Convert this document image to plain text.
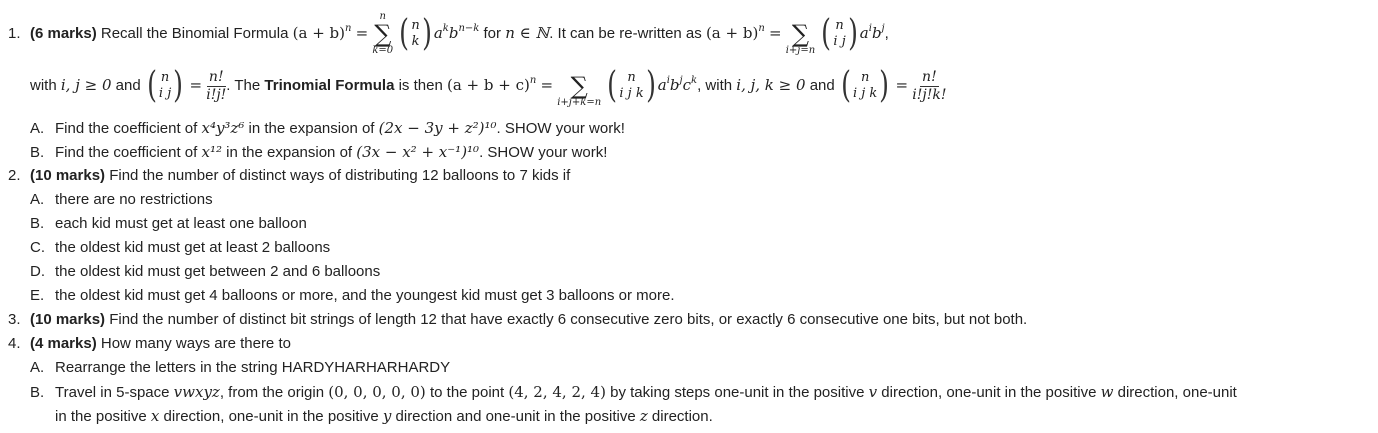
1. (6 marks) Recall the Binomial Formula $(a + b)^n$ =
n
∑
k=0
( n
k ) $a^kb^{n-k}$ for n ∈ ℕ. It can be re-written as $(a + b)^n$ =
∑
i+j=n
( n
i j ) $a^ib^j$,
with i, j ≥ 0 and ( n
i j ) = $\frac{n!}{i!j!}$ . The Trinomial Formula is then $(a + b + c)^n$ =
∑
i+j+k=n
( n
i j k ) $a^ib^jc^k$, with i, j, k ≥ 0 and ( n
i j k ) = $\frac{n!}{i!j!k!}$
A. Find the coefficient of x⁴y³z⁶ in the expansion of (2x − 3y + z²)¹⁰. SHOW your work!
B. Find the coefficient of x¹² in the expansion of (3x − x² + x⁻¹)¹⁰. SHOW your work!
2. (10 marks) Find the number of distinct ways of distributing 12 balloons to 7 kids if
A. there are no restrictions
B. each kid must get at least one balloon
C. the oldest kid must get at least 2 balloons
D. the oldest kid must get between 2 and 6 balloons
E. the oldest kid must get 4 balloons or more, and the youngest kid must get 3 balloons or more.
3. (10 marks) Find the number of distinct bit strings of length 12 that have exactly 6 consecutive zero bits, or exactly 6 consecutive one bits, but not both.
4. (4 marks) How many ways are there to
A. Rearrange the letters in the string HARDYHARHARHARDY
B. Travel in 5-space vwxyz, from the origin (0, 0, 0, 0, 0) to the point (4, 2, 4, 2, 4) by taking steps one-unit in the positive v direction, one-unit in the positive w direction, one-unit
in the positive x direction, one-unit in the positive y direction and one-unit in the positive z direction.
